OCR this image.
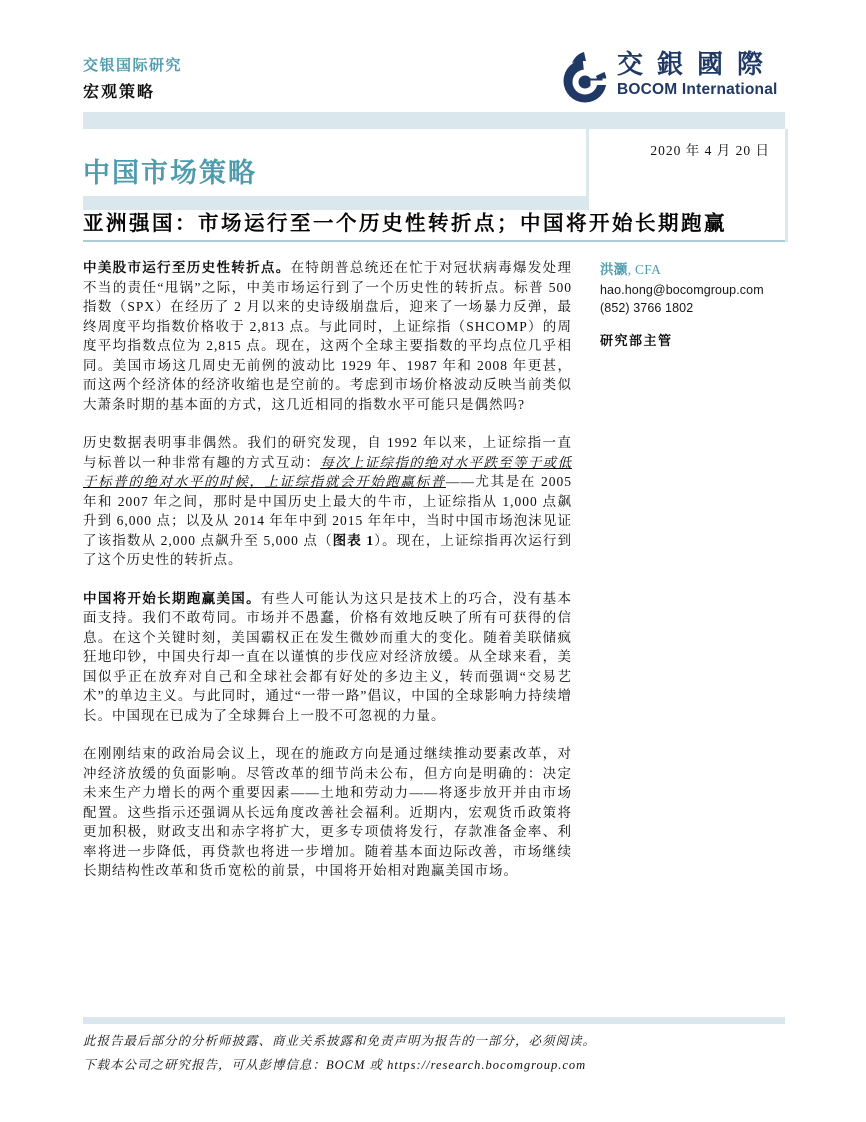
交银国际研究
宏观策略
交銀國際
BOCOM International
中国市场策略
2020 年 4 月 20 日
亚洲强国：市场运行至一个历史性转折点；中国将开始长期跑赢

中美股市运行至历史性转折点。在特朗普总统还在忙于对冠状病毒爆发处理不当的责任“甩锅”之际，中美市场运行到了一个历史性的转折点。标普 500 指数（SPX）在经历了 2 月以来的史诗级崩盘后，迎来了一场暴力反弹，最终周度平均指数价格收于 2,813 点。与此同时，上证综指（SHCOMP）的周度平均指数点位为 2,815 点。现在，这两个全球主要指数的平均点位几乎相同。美国市场这几周史无前例的波动比 1929 年、1987 年和 2008 年更甚，而这两个经济体的经济收缩也是空前的。考虑到市场价格波动反映当前类似大萧条时期的基本面的方式，这几近相同的指数水平可能只是偶然吗?

历史数据表明事非偶然。我们的研究发现，自 1992 年以来，上证综指一直与标普以一种非常有趣的方式互动：每次上证综指的绝对水平跌至等于或低于标普的绝对水平的时候，上证综指就会开始跑赢标普——尤其是在 2005 年和 2007 年之间，那时是中国历史上最大的牛市，上证综指从 1,000 点飙升到 6,000 点；以及从 2014 年年中到 2015 年年中，当时中国市场泡沫见证了该指数从 2,000 点飙升至 5,000 点（图表 1）。现在，上证综指再次运行到了这个历史性的转折点。

中国将开始长期跑赢美国。有些人可能认为这只是技术上的巧合，没有基本面支持。我们不敢苟同。市场并不愚蠢，价格有效地反映了所有可获得的信息。在这个关键时刻，美国霸权正在发生微妙而重大的变化。随着美联储疯狂地印钞，中国央行却一直在以谨慎的步伐应对经济放缓。从全球来看，美国似乎正在放弃对自己和全球社会都有好处的多边主义，转而强调“交易艺术”的单边主义。与此同时，通过“一带一路”倡议，中国的全球影响力持续增长。中国现在已成为了全球舞台上一股不可忽视的力量。

在刚刚结束的政治局会议上，现在的施政方向是通过继续推动要素改革，对冲经济放缓的负面影响。尽管改革的细节尚未公布，但方向是明确的：决定未来生产力增长的两个重要因素——土地和劳动力——将逐步放开并由市场配置。这些指示还强调从长远角度改善社会福利。近期内，宏观货币政策将更加积极，财政支出和赤字将扩大，更多专项债将发行，存款准备金率、利率将进一步降低，再贷款也将进一步增加。随着基本面边际改善，市场继续长期结构性改革和货币宽松的前景，中国将开始相对跑赢美国市场。

洪灏, CFA
hao.hong@bocomgroup.com
(852) 3766 1802
研究部主管
此报告最后部分的分析师披露、商业关系披露和免责声明为报告的一部分，必须阅读。
下载本公司之研究报告，可从彭博信息：BOCM 或 https://research.bocomgroup.com
